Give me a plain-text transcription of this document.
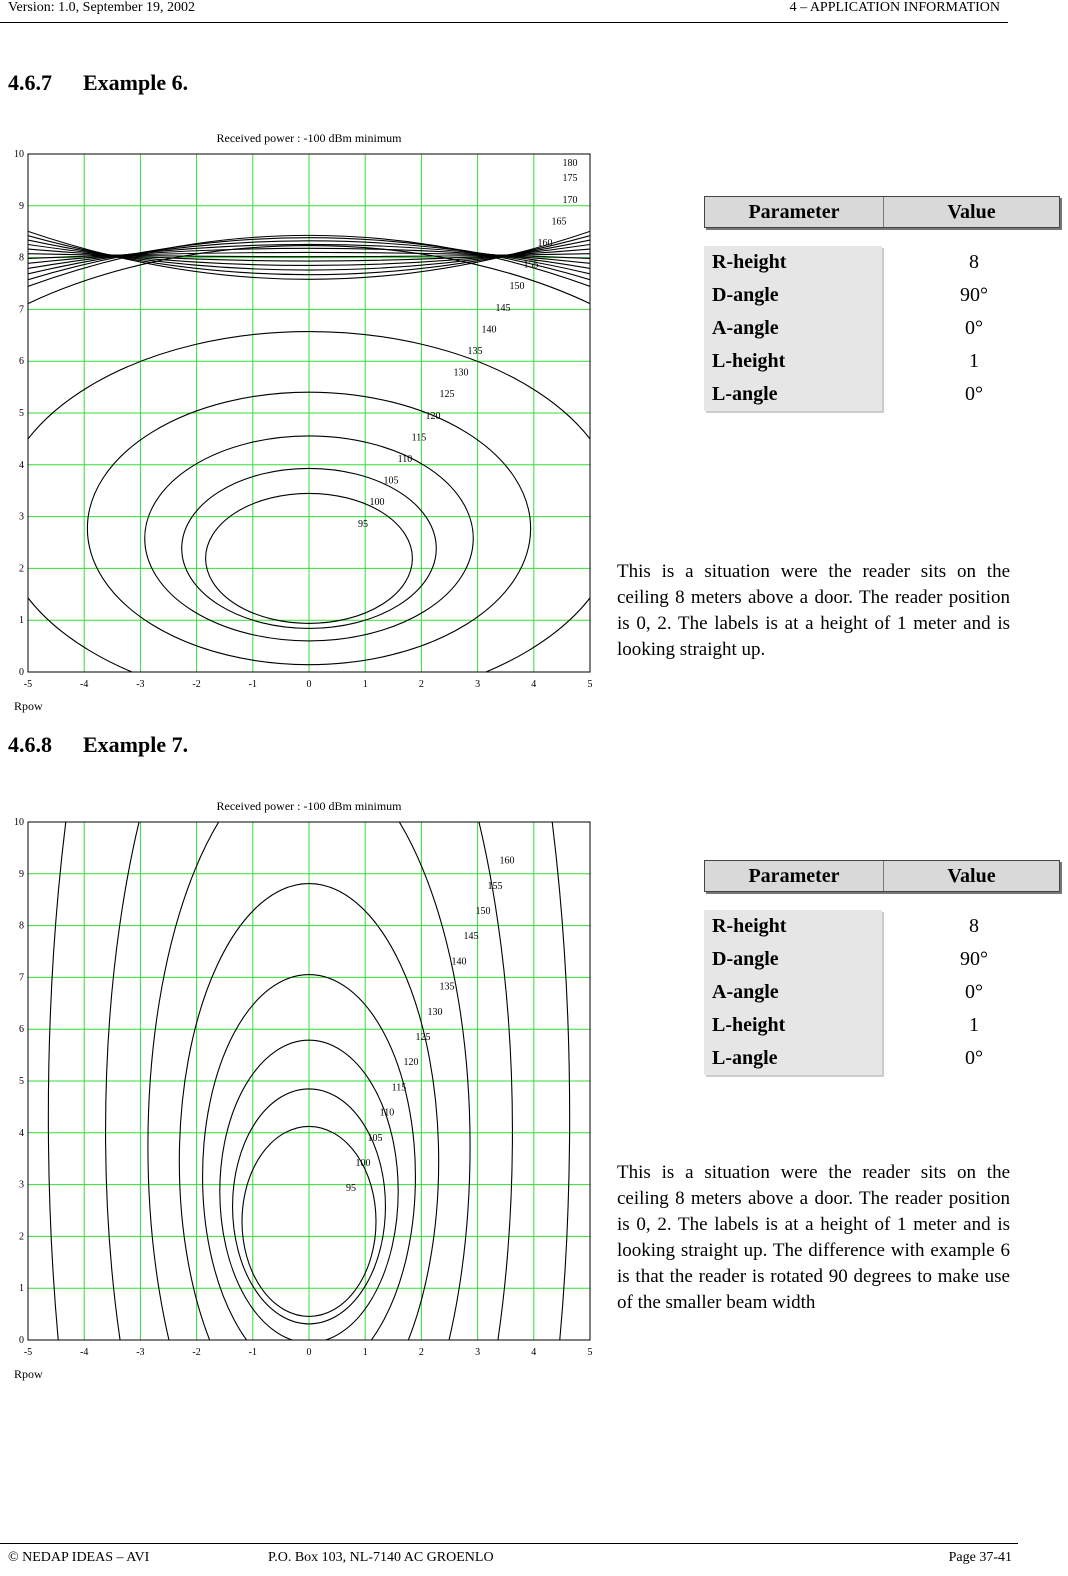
Version: 1.0, September 19, 2002	4 – APPLICATION INFORMATION
4.6.7 Example 6.
Received power : -100 dBm minimum
95
100
105
110
115
120
125
130
135
140
145
150
155
160
165
170
175
180
-5	-4	-3	-2	-1	0	1	2	3	4	5
0
1
2
3
4
5
6
7
8
9
10
Rpow
Parameter	Value
R-height	8
D-angle	90°
A-angle	0°
L-height	1
L-angle	0°
This is a situation were the reader sits on the ceiling 8 meters above a door. The reader position is 0, 2. The labels is at a height of 1 meter and is looking straight up.
4.6.8 Example 7.
Received power : -100 dBm minimum
95
100
105
110
115
120
125
130
135
140
145
150
155
160
-5	-4	-3	-2	-1	0	1	2	3	4	5
0
1
2
3
4
5
6
7
8
9
10
Rpow
Parameter	Value
R-height	8
D-angle	90°
A-angle	0°
L-height	1
L-angle	0°
This is a situation were the reader sits on the ceiling 8 meters above a door. The reader position is 0, 2. The labels is at a height of 1 meter and is looking straight up. The difference with example 6 is that the reader is rotated 90 degrees to make use of the smaller beam width
© NEDAP IDEAS – AVI	P.O. Box 103, NL-7140 AC GROENLO	Page 37-41
